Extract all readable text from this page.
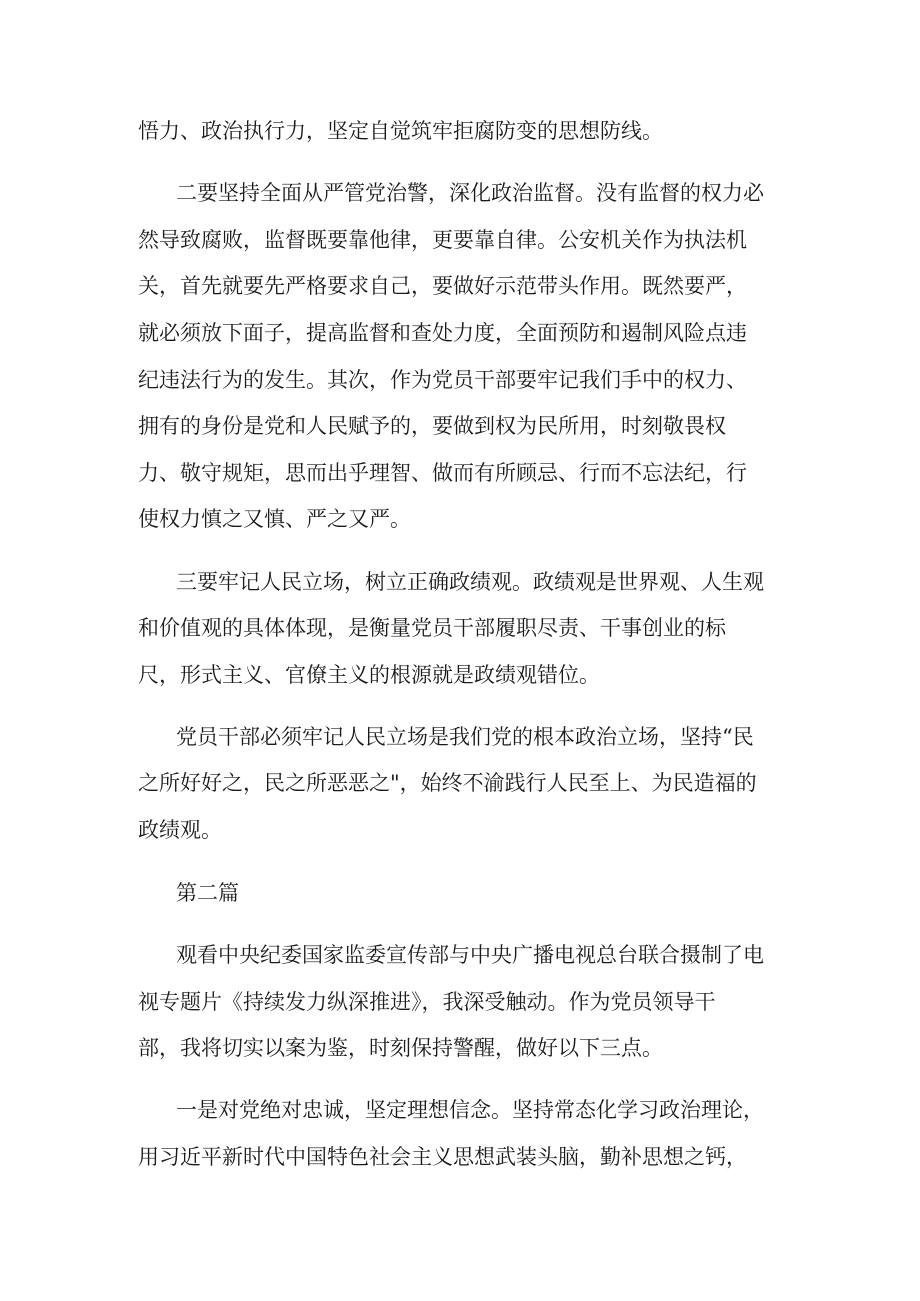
悟力、政治执行力，坚定自觉筑牢拒腐防变的思想防线。

二要坚持全面从严管党治警，深化政治监督。没有监督的权力必

然导致腐败，监督既要靠他律，更要靠自律。公安机关作为执法机

关，首先就要先严格要求自己，要做好示范带头作用。既然要严，

就必须放下面子，提高监督和查处力度，全面预防和遏制风险点违

纪违法行为的发生。其次，作为党员干部要牢记我们手中的权力、

拥有的身份是党和人民赋予的，要做到权为民所用，时刻敬畏权

力、敬守规矩，思而出乎理智、做而有所顾忌、行而不忘法纪，行

使权力慎之又慎、严之又严。

三要牢记人民立场，树立正确政绩观。政绩观是世界观、人生观

和价值观的具体体现，是衡量党员干部履职尽责、干事创业的标

尺，形式主义、官僚主义的根源就是政绩观错位。

党员干部必须牢记人民立场是我们党的根本政治立场，坚持“民

之所好好之，民之所恶恶之"，始终不渝践行人民至上、为民造福的

政绩观。

第二篇

观看中央纪委国家监委宣传部与中央广播电视总台联合摄制了电

视专题片《持续发力纵深推进》，我深受触动。作为党员领导干

部，我将切实以案为鉴，时刻保持警醒，做好以下三点。

一是对党绝对忠诚，坚定理想信念。坚持常态化学习政治理论，

用习近平新时代中国特色社会主义思想武装头脑，勤补思想之钙，
